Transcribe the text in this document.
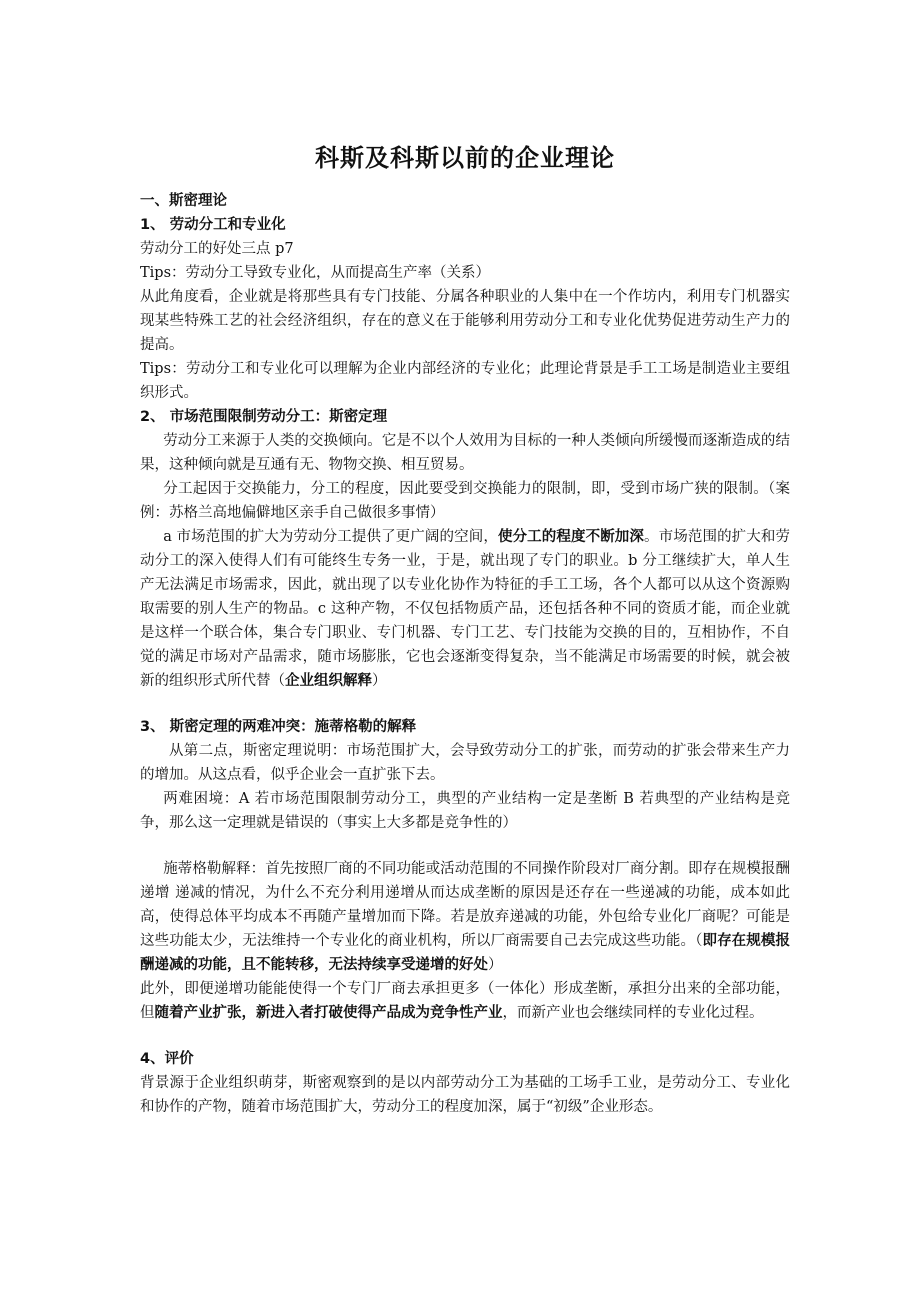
科斯及科斯以前的企业理论
一、斯密理论
1、 劳动分工和专业化
劳动分工的好处三点 p7
Tips：劳动分工导致专业化，从而提高生产率（关系）
从此角度看，企业就是将那些具有专门技能、分属各种职业的人集中在一个作坊内，利用专门机器实现某些特殊工艺的社会经济组织，存在的意义在于能够利用劳动分工和专业化优势促进劳动生产力的提高。
Tips：劳动分工和专业化可以理解为企业内部经济的专业化；此理论背景是手工工场是制造业主要组织形式。
2、 市场范围限制劳动分工：斯密定理
劳动分工来源于人类的交换倾向。它是不以个人效用为目标的一种人类倾向所缓慢而逐渐造成的结果，这种倾向就是互通有无、物物交换、相互贸易。
分工起因于交换能力，分工的程度，因此要受到交换能力的限制，即，受到市场广狭的限制。（案例：苏格兰高地偏僻地区亲手自己做很多事情）
a 市场范围的扩大为劳动分工提供了更广阔的空间，使分工的程度不断加深。市场范围的扩大和劳动分工的深入使得人们有可能终生专务一业，于是，就出现了专门的职业。b 分工继续扩大，单人生产无法满足市场需求，因此，就出现了以专业化协作为特征的手工工场，各个人都可以从这个资源购取需要的别人生产的物品。c 这种产物，不仅包括物质产品，还包括各种不同的资质才能，而企业就是这样一个联合体，集合专门职业、专门机器、专门工艺、专门技能为交换的目的，互相协作，不自觉的满足市场对产品需求，随市场膨胀，它也会逐渐变得复杂，当不能满足市场需要的时候，就会被新的组织形式所代替（企业组织解释）
3、 斯密定理的两难冲突：施蒂格勒的解释
从第二点，斯密定理说明：市场范围扩大，会导致劳动分工的扩张，而劳动的扩张会带来生产力的增加。从这点看，似乎企业会一直扩张下去。
两难困境：A 若市场范围限制劳动分工，典型的产业结构一定是垄断 B 若典型的产业结构是竞争，那么这一定理就是错误的（事实上大多都是竞争性的）
施蒂格勒解释：首先按照厂商的不同功能或活动范围的不同操作阶段对厂商分割。即存在规模报酬递增 递减的情况，为什么不充分利用递增从而达成垄断的原因是还存在一些递减的功能，成本如此高，使得总体平均成本不再随产量增加而下降。若是放弃递减的功能，外包给专业化厂商呢？可能是这些功能太少，无法维持一个专业化的商业机构，所以厂商需要自己去完成这些功能。（即存在规模报酬递减的功能，且不能转移，无法持续享受递增的好处）
此外，即便递增功能能使得一个专门厂商去承担更多（一体化）形成垄断，承担分出来的全部功能，但随着产业扩张，新进入者打破使得产品成为竞争性产业，而新产业也会继续同样的专业化过程。
4、评价
背景源于企业组织萌芽，斯密观察到的是以内部劳动分工为基础的工场手工业，是劳动分工、专业化和协作的产物，随着市场范围扩大，劳动分工的程度加深，属于“初级”企业形态。
